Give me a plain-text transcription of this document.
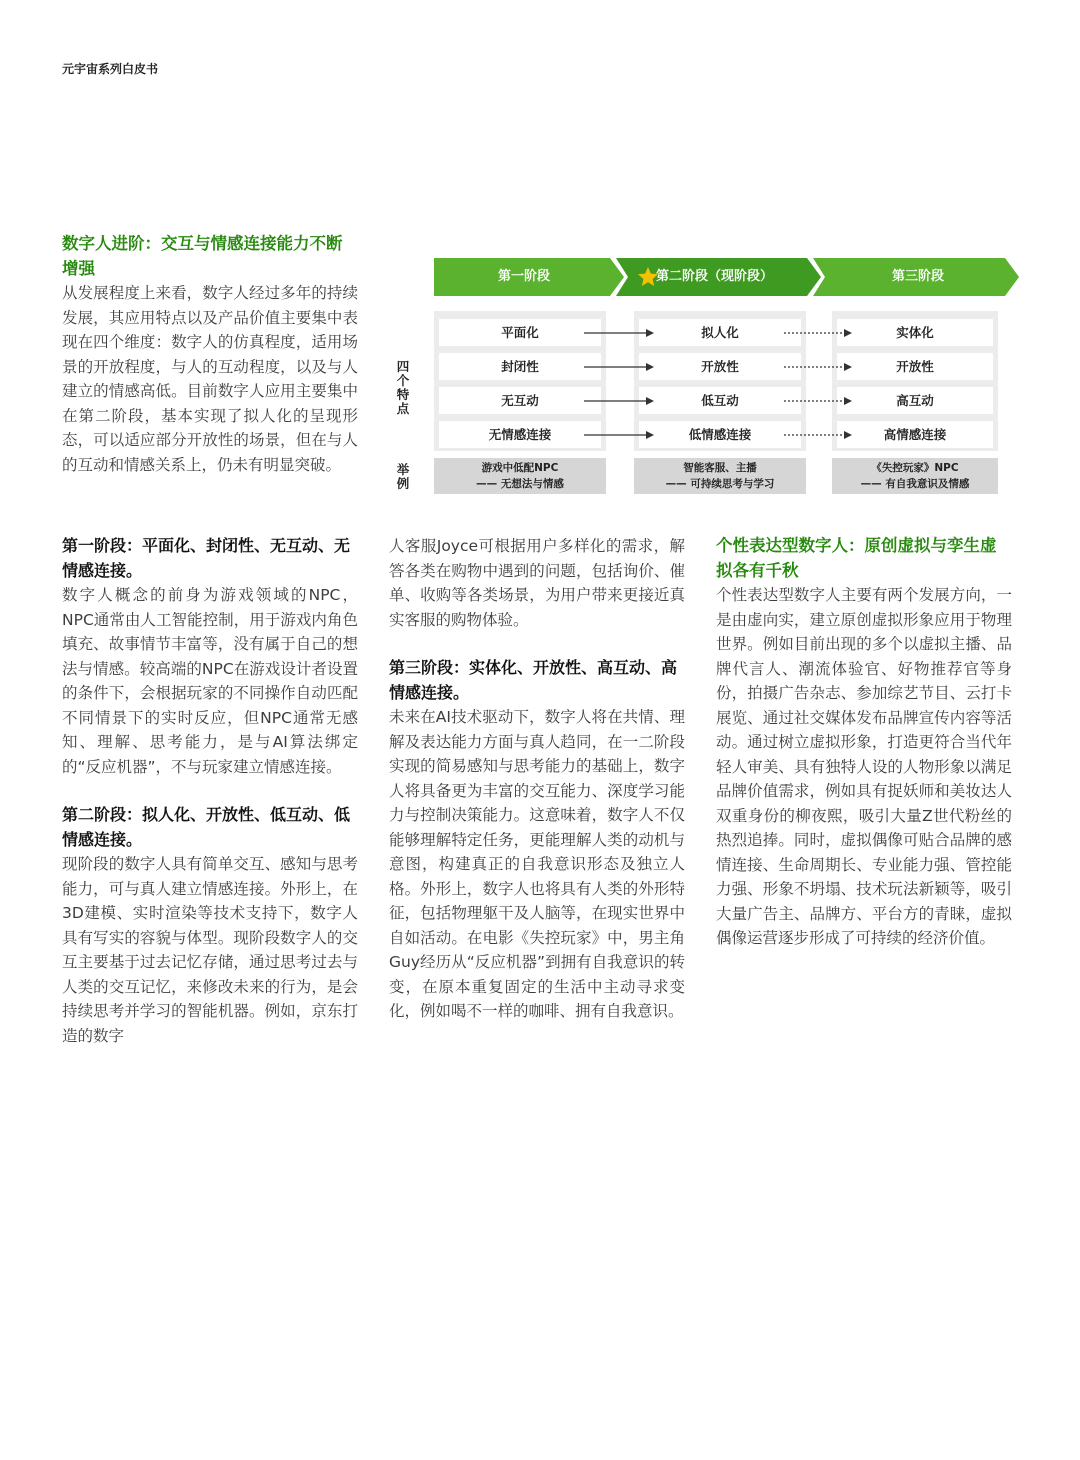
元宇宙系列白皮书
数字人进阶：交互与情感连接能力不断增强

从发展程度上来看，数字人经过多年的持续发展，其应用特点以及产品价值主要集中表现在四个维度：数字人的仿真程度，适用场景的开放程度，与人的互动程度，以及与人建立的情感高低。目前数字人应用主要集中在第二阶段，基本实现了拟人化的呈现形态，可以适应部分开放性的场景，但在与人的互动和情感关系上，仍未有明显突破。

第一阶段	第二阶段（现阶段）	第三阶段
四个特点
举例
平面化
封闭性
无互动
无情感连接
拟人化
开放性
低互动
低情感连接
实体化
开放性
高互动
高情感连接
游戏中低配NPC
—— 无想法与情感
智能客服、主播
—— 可持续思考与学习
《失控玩家》NPC
—— 有自我意识及情感
第一阶段：平面化、封闭性、无互动、无情感连接。

数字人概念的前身为游戏领域的NPC，NPC通常由人工智能控制，用于游戏内角色填充、故事情节丰富等，没有属于自己的想法与情感。较高端的NPC在游戏设计者设置的条件下，会根据玩家的不同操作自动匹配不同情景下的实时反应，但NPC通常无感知、理解、思考能力，是与AI算法绑定的“反应机器”，不与玩家建立情感连接。

第二阶段：拟人化、开放性、低互动、低情感连接。

现阶段的数字人具有简单交互、感知与思考能力，可与真人建立情感连接。外形上，在3D建模、实时渲染等技术支持下，数字人具有写实的容貌与体型。现阶段数字人的交互主要基于过去记忆存储，通过思考过去与人类的交互记忆，来修改未来的行为，是会持续思考并学习的智能机器。例如，京东打造的数字

人客服Joyce可根据用户多样化的需求，解答各类在购物中遇到的问题，包括询价、催单、收购等各类场景，为用户带来更接近真实客服的购物体验。

第三阶段：实体化、开放性、高互动、高情感连接。

未来在AI技术驱动下，数字人将在共情、理解及表达能力方面与真人趋同，在一二阶段实现的简易感知与思考能力的基础上，数字人将具备更为丰富的交互能力、深度学习能力与控制决策能力。这意味着，数字人不仅能够理解特定任务，更能理解人类的动机与意图，构建真正的自我意识形态及独立人格。外形上，数字人也将具有人类的外形特征，包括物理躯干及人脑等，在现实世界中自如活动。在电影《失控玩家》中，男主角Guy经历从“反应机器”到拥有自我意识的转变，在原本重复固定的生活中主动寻求变化，例如喝不一样的咖啡、拥有自我意识。

个性表达型数字人：原创虚拟与孪生虚拟各有千秋

个性表达型数字人主要有两个发展方向，一是由虚向实，建立原创虚拟形象应用于物理世界。例如目前出现的多个以虚拟主播、品牌代言人、潮流体验官、好物推荐官等身份，拍摄广告杂志、参加综艺节目、云打卡展览、通过社交媒体发布品牌宣传内容等活动。通过树立虚拟形象，打造更符合当代年轻人审美、具有独特人设的人物形象以满足品牌价值需求，例如具有捉妖师和美妆达人双重身份的柳夜熙，吸引大量Z世代粉丝的热烈追捧。同时，虚拟偶像可贴合品牌的感情连接、生命周期长、专业能力强、管控能力强、形象不坍塌、技术玩法新颖等，吸引大量广告主、品牌方、平台方的青睐，虚拟偶像运营逐步形成了可持续的经济价值。
